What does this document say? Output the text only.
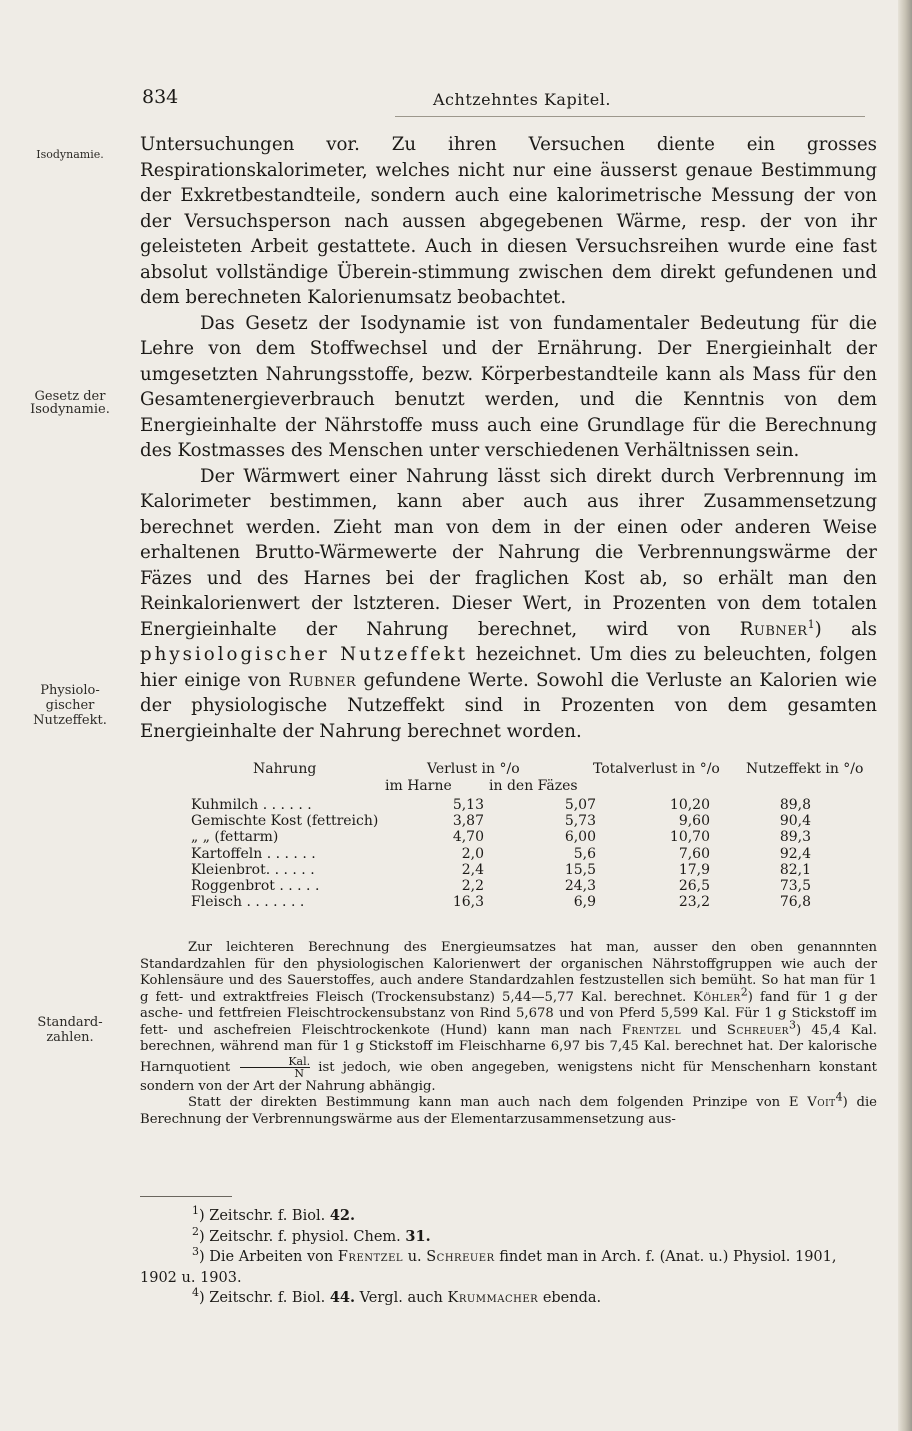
834	Achtzehntes Kapitel.
Isodynamie.
Gesetz der
Isodynamie.
Physiolo-
gischer
Nutzeffekt.
Standard-
zahlen.

Untersuchungen vor. Zu ihren Versuchen diente ein grosses Respirationskalorimeter, welches nicht nur eine äusserst genaue Bestimmung der Exkretbestandteile, sondern auch eine kalorimetrische Messung der von der Versuchsperson nach aussen abgegebenen Wärme, resp. der von ihr geleisteten Arbeit gestattete. Auch in diesen Versuchsreihen wurde eine fast absolut vollständige Überein-stimmung zwischen dem direkt gefundenen und dem berechneten Kalorienumsatz beobachtet.

Das Gesetz der Isodynamie ist von fundamentaler Bedeutung für die Lehre von dem Stoffwechsel und der Ernährung. Der Energieinhalt der umgesetzten Nahrungsstoffe, bezw. Körperbestandteile kann als Mass für den Gesamtenergieverbrauch benutzt werden, und die Kenntnis von dem Energieinhalte der Nährstoffe muss auch eine Grundlage für die Berechnung des Kostmasses des Menschen unter verschiedenen Verhältnissen sein.

Der Wärmwert einer Nahrung lässt sich direkt durch Verbrennung im Kalorimeter bestimmen, kann aber auch aus ihrer Zusammensetzung berechnet werden. Zieht man von dem in der einen oder anderen Weise erhaltenen Brutto-Wärmewerte der Nahrung die Verbrennungswärme der Fäzes und des Harnes bei der fraglichen Kost ab, so erhält man den Reinkalorienwert der lstzteren. Dieser Wert, in Prozenten von dem totalen Energieinhalte der Nahrung berechnet, wird von Rubner$^1$) als physiologischer Nutzeffekt hezeichnet. Um dies zu beleuchten, folgen hier einige von Rubner gefundene Werte. Sowohl die Verluste an Kalorien wie der physiologische Nutzeffekt sind in Prozenten von dem gesamten Energieinhalte der Nahrung berechnet worden.

Nahrung	Verlust in °/o
im Harne	in den Fäzes
Totalverlust in °/o Nutzeffekt in °/o
Kuhmilch . . . . . .	5,13	5,07	10,20	89,8
Gemischte Kost (fettreich)	3,87	5,73	9,60	90,4
„ „ (fettarm)	4,70	6,00	10,70	89,3
Kartoffeln . . . . . .	2,0	5,6	7,60	92,4
Kleienbrot. . . . . .	2,4	15,5	17,9	82,1
Roggenbrot . . . . .	2,2	24,3	26,5	73,5
Fleisch . . . . . . .	16,3	6,9	23,2	76,8

Zur leichteren Berechnung des Energieumsatzes hat man, ausser den oben genannnten Standardzahlen für den physiologischen Kalorienwert der organischen Nährstoffgruppen wie auch der Kohlensäure und des Sauerstoffes, auch andere Standardzahlen festzustellen sich bemüht. So hat man für 1 g fett- und extraktfreies Fleisch (Trockensubstanz) 5,44—5,77 Kal. berechnet. Köhler$^2$) fand für 1 g der asche- und fettfreien Fleischtrockensubstanz von Rind 5,678 und von Pferd 5,599 Kal. Für 1 g Stickstoff im fett- und aschefreien Fleischtrockenkote (Hund) kann man nach Frentzel und Schreuer$^3$) 45,4 Kal. berechnen, während man für 1 g Stickstoff im Fleischharne 6,97 bis 7,45 Kal. berechnet hat. Der kalorische Harnquotient $\frac{\text{Kal.}}{N}$ ist jedoch, wie oben angegeben, wenigstens nicht für Menschenharn konstant sondern von der Art der Nahrung abhängig.

Statt der direkten Bestimmung kann man auch nach dem folgenden Prinzipe von E Voit$^4$) die Berechnung der Verbrennungswärme aus der Elementarzusammensetzung aus-

$^1$) Zeitschr. f. Biol. 42.

$^2$) Zeitschr. f. physiol. Chem. 31.

$^3$) Die Arbeiten von Frentzel u. Schreuer findet man in Arch. f. (Anat. u.) Physiol. 1901, 1902 u. 1903.

$^4$) Zeitschr. f. Biol. 44. Vergl. auch Krummacher ebenda.
